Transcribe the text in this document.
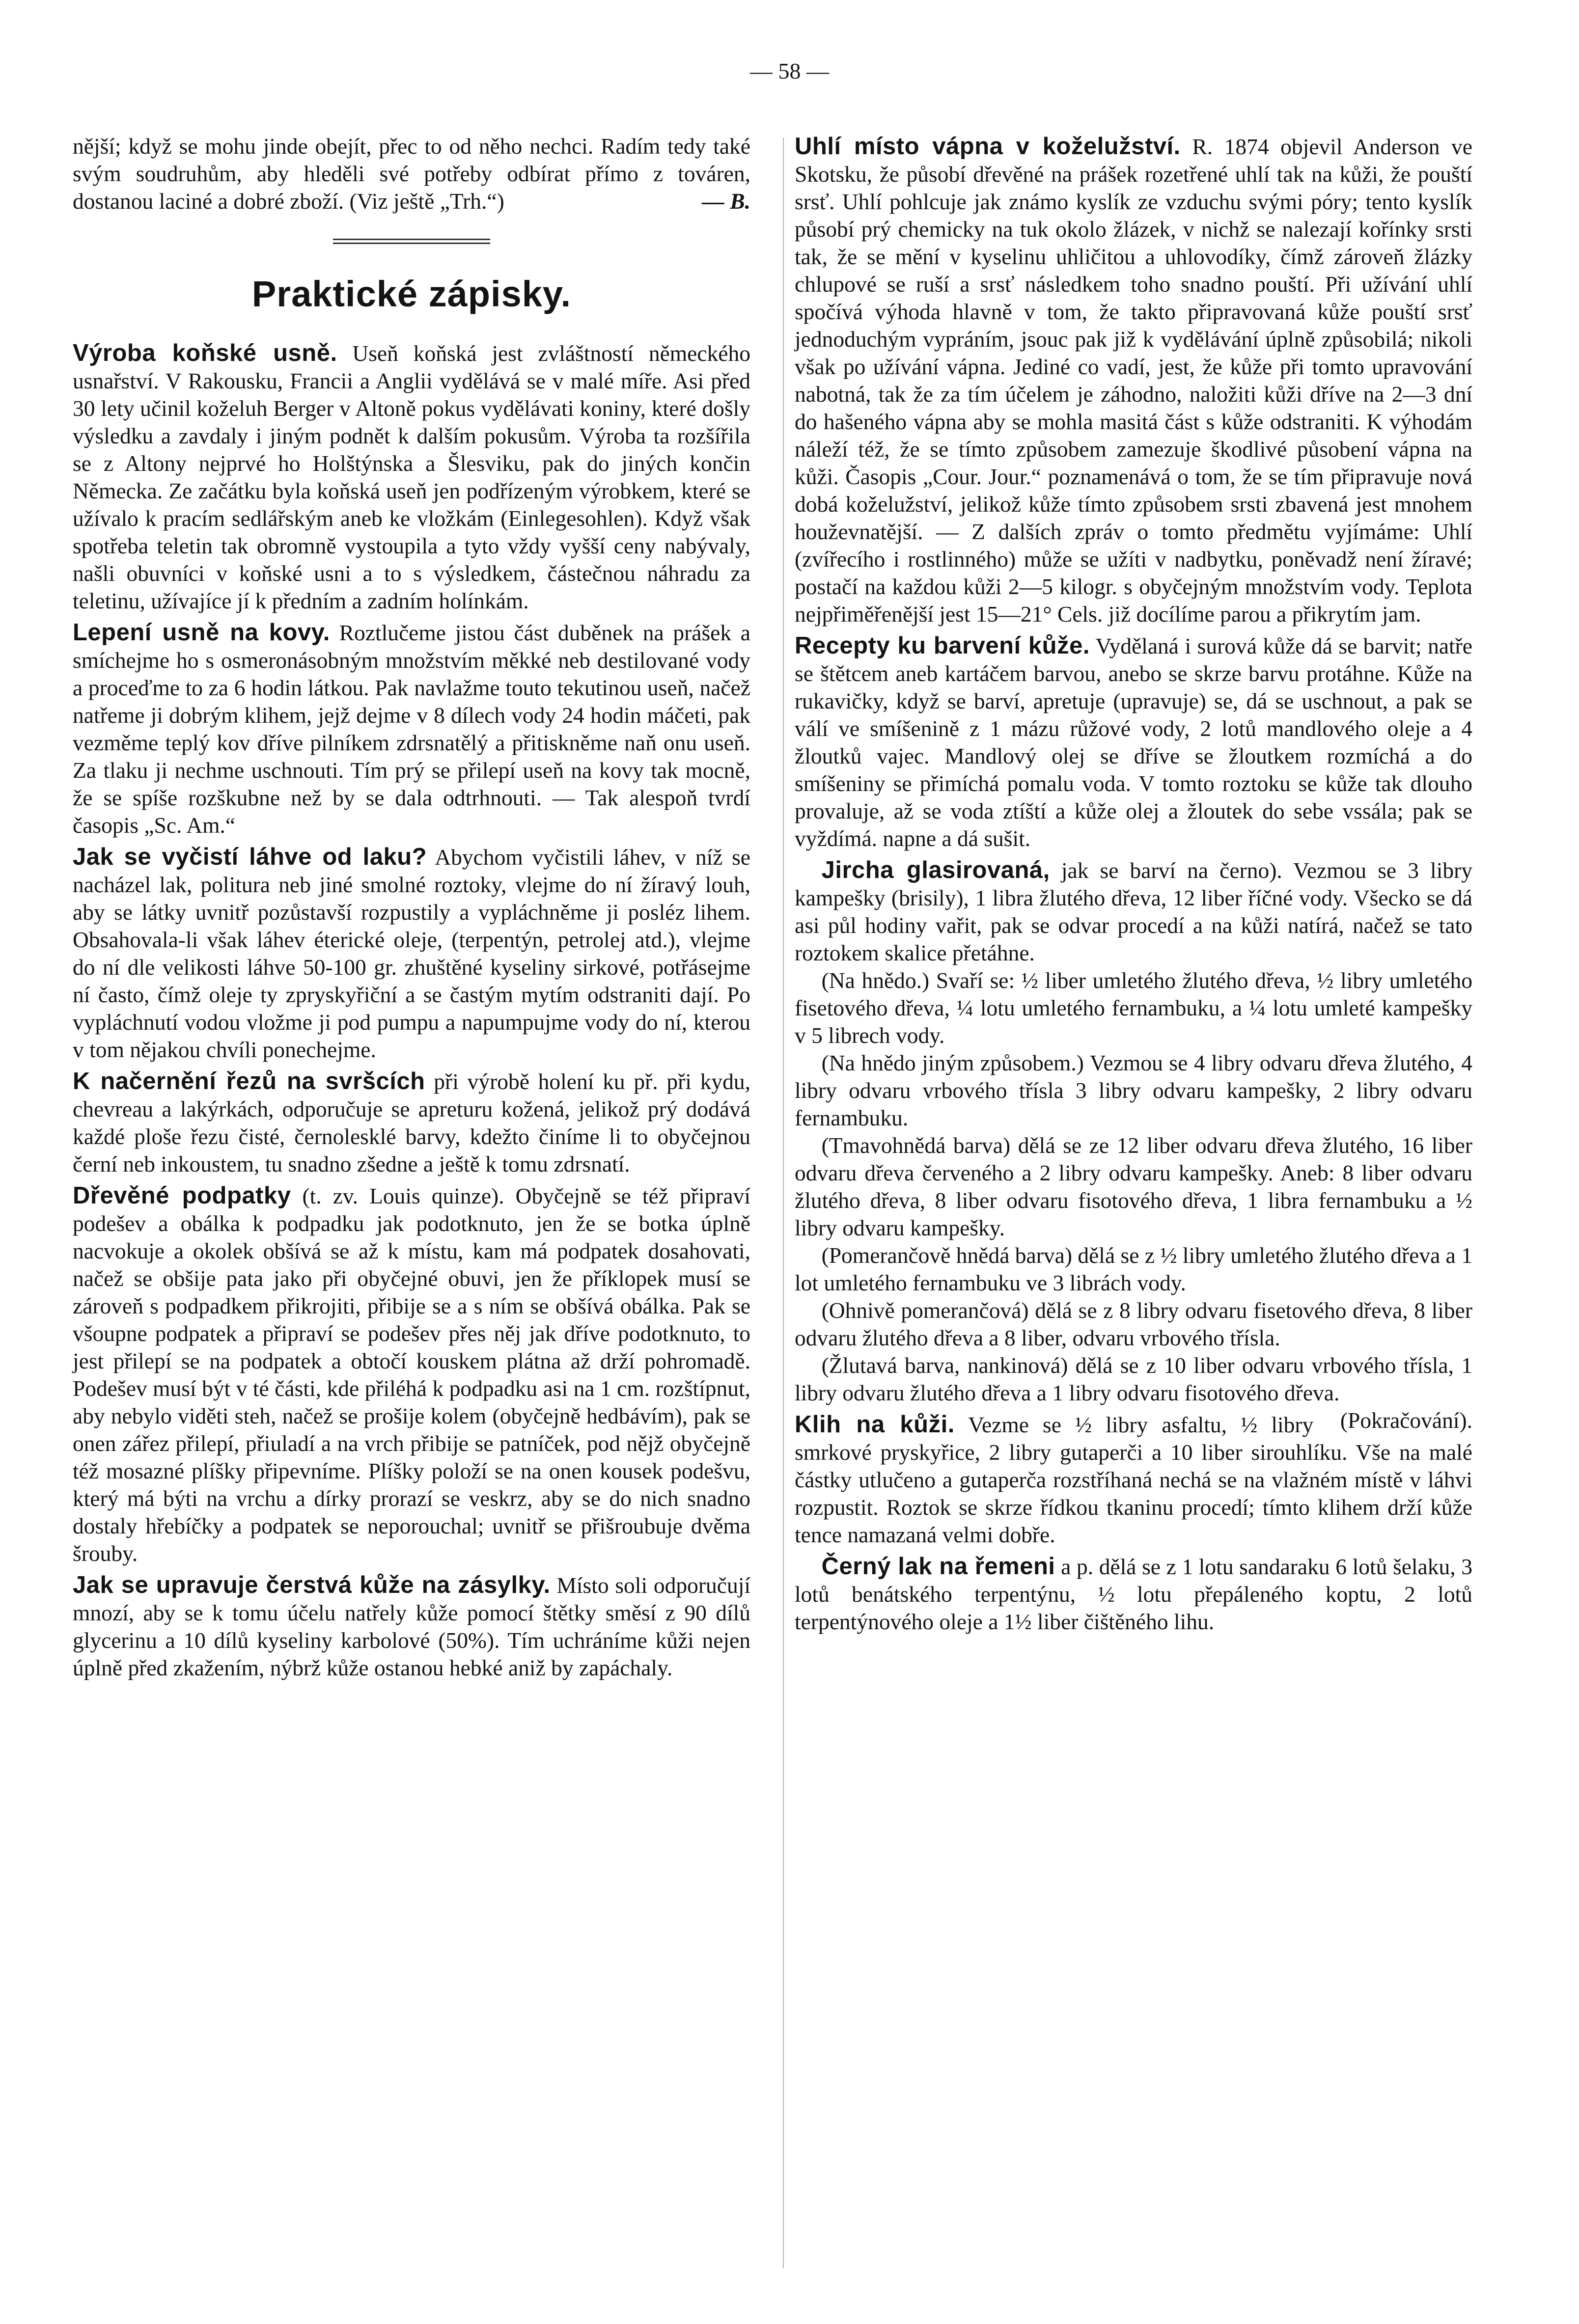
— 58 —

nější; když se mohu jinde obejít, přec to od něho nechci. Radím tedy také svým soudruhům, aby hleděli své potřeby odbírat přímo z továren, dostanou laciné a dobré zboží. (Viz ještě „Trh.“)	— B.

Praktické zápisky.

Výroba koňské usně. Useň koňská jest zvláštností německého usnařství. V Rakousku, Francii a Anglii vydělává se v malé míře. Asi před 30 lety učinil koželuh Berger v Altoně pokus vydělávati koniny, které došly výsledku a zavdaly i jiným podnět k dalším pokusům. Výroba ta rozšířila se z Altony nejprvé ho Holštýnska a Šlesviku, pak do jiných končin Německa. Ze začátku byla koňská useň jen podřízeným výrobkem, které se užívalo k pracím sedlářským aneb ke vložkám (Einlegesohlen). Když však spotřeba teletin tak obromně vystoupila a tyto vždy vyšší ceny nabývaly, našli obuvníci v koňské usni a to s výsledkem, částečnou náhradu za teletinu, užívajíce jí k předním a zadním holínkám.

Lepení usně na kovy. Roztlučeme jistou část duběnek na prášek a smíchejme ho s osmeronásobným množstvím měkké neb destilované vody a proceďme to za 6 hodin látkou. Pak navlažme touto tekutinou useň, načež natřeme ji dobrým klihem, jejž dejme v 8 dílech vody 24 hodin máčeti, pak vezměme teplý kov dříve pilníkem zdrsnatělý a přitiskněme naň onu useň. Za tlaku ji nechme uschnouti. Tím prý se přilepí useň na kovy tak mocně, že se spíše rozškubne než by se dala odtrhnouti. — Tak alespoň tvrdí časopis „Sc. Am.“

Jak se vyčistí láhve od laku? Abychom vyčistili láhev, v níž se nacházel lak, politura neb jiné smolné roztoky, vlejme do ní žíravý louh, aby se látky uvnitř pozůstavší rozpustily a vypláchněme ji posléz lihem. Obsahovala-li však láhev éterické oleje, (terpentýn, petrolej atd.), vlejme do ní dle velikosti láhve 50-100 gr. zhuštěné kyseliny sirkové, potřásejme ní často, čímž oleje ty zpryskyřiční a se častým mytím odstraniti dají. Po vypláchnutí vodou vložme ji pod pumpu a napumpujme vody do ní, kterou v tom nějakou chvíli ponechejme.

K načernění řezů na svršcích při výrobě holení ku př. při kydu, chevreau a lakýrkách, odporučuje se apreturu kožená, jelikož prý dodává každé ploše řezu čisté, černolesklé barvy, kdežto činíme li to obyčejnou černí neb inkoustem, tu snadno zšedne a ještě k tomu zdrsnatí.

Dřevěné podpatky (t. zv. Louis quinze). Obyčejně se též připraví podešev a obálka k podpadku jak podotknuto, jen že se botka úplně nacvokuje a okolek obšívá se až k místu, kam má podpatek dosahovati, načež se obšije pata jako při obyčejné obuvi, jen že příklopek musí se zároveň s podpadkem přikrojiti, přibije se a s ním se obšívá obálka. Pak se všoupne podpatek a připraví se podešev přes něj jak dříve podotknuto, to jest přilepí se na podpatek a obtočí kouskem plátna až drží pohromadě. Podešev musí být v té části, kde přiléhá k podpadku asi na 1 cm. rozštípnut, aby nebylo viděti steh, načež se prošije kolem (obyčejně hedbávím), pak se onen zářez přilepí, přiuladí a na vrch přibije se patníček, pod nějž obyčejně též mosazné plíšky připevníme. Plíšky položí se na onen kousek podešvu, který má býti na vrchu a dírky prorazí se veskrz, aby se do nich snadno dostaly hřebíčky a podpatek se neporouchal; uvnitř se přišroubuje dvěma šrouby.

Jak se upravuje čerstvá kůže na zásylky. Místo soli odporučují mnozí, aby se k tomu účelu natřely kůže pomocí štětky směsí z 90 dílů glycerinu a 10 dílů kyseliny karbolové (50%). Tím uchráníme kůži nejen úplně před zkažením, nýbrž kůže ostanou hebké aniž by zapáchaly.

Uhlí místo vápna v koželužství. R. 1874 objevil Anderson ve Skotsku, že působí dřevěné na prášek rozetřené uhlí tak na kůži, že pouští srsť. Uhlí pohlcuje jak známo kyslík ze vzduchu svými póry; tento kyslík působí prý chemicky na tuk okolo žlázek, v nichž se nalezají kořínky srsti tak, že se mění v kyselinu uhličitou a uhlovodíky, čímž zároveň žlázky chlupové se ruší a srsť následkem toho snadno pouští. Při užívání uhlí spočívá výhoda hlavně v tom, že takto připravovaná kůže pouští srsť jednoduchým vypráním, jsouc pak již k vydělávání úplně způsobilá; nikoli však po užívání vápna. Jediné co vadí, jest, že kůže při tomto upravování nabotná, tak že za tím účelem je záhodno, naložiti kůži dříve na 2—3 dní do hašeného vápna aby se mohla masitá část s kůže odstraniti. K výhodám náleží též, že se tímto způsobem zamezuje škodlivé působení vápna na kůži. Časopis „Cour. Jour.“ poznamenává o tom, že se tím připravuje nová dobá koželužství, jelikož kůže tímto způsobem srsti zbavená jest mnohem houževnatější. — Z dalších zpráv o tomto předmětu vyjímáme: Uhlí (zvířecího i rostlinného) může se užíti v nadbytku, poněvadž není žíravé; postačí na každou kůži 2—5 kilogr. s obyčejným množstvím vody. Teplota nejpřiměřenější jest 15—21° Cels. již docílíme parou a přikrytím jam.

Recepty ku barvení kůže. Vydělaná i surová kůže dá se barvit; natře se štětcem aneb kartáčem barvou, anebo se skrze barvu protáhne. Kůže na rukavičky, když se barví, apretuje (upravuje) se, dá se uschnout, a pak se válí ve smíšenině z 1 mázu růžové vody, 2 lotů mandlového oleje a 4 žloutků vajec. Mandlový olej se dříve se žloutkem rozmíchá a do smíšeniny se přimíchá pomalu voda. V tomto roztoku se kůže tak dlouho provaluje, až se voda ztíští a kůže olej a žloutek do sebe vssála; pak se vyždímá. napne a dá sušit.

Jircha glasirovaná, jak se barví na černo). Vezmou se 3 libry kampešky (brisily), 1 libra žlutého dřeva, 12 liber říčné vody. Všecko se dá asi půl hodiny vařit, pak se odvar procedí a na kůži natírá, načež se tato roztokem skalice přetáhne.

(Na hnědo.) Svaří se: ½ liber umletého žlutého dřeva, ½ libry umletého fisetového dřeva, ¼ lotu umletého fernambuku, a ¼ lotu umleté kampešky v 5 librech vody.

(Na hnědo jiným způsobem.) Vezmou se 4 libry odvaru dřeva žlutého, 4 libry odvaru vrbového třísla 3 libry odvaru kampešky, 2 libry odvaru fernambuku.

(Tmavohnědá barva) dělá se ze 12 liber odvaru dřeva žlutého, 16 liber odvaru dřeva červeného a 2 libry odvaru kampešky. Aneb: 8 liber odvaru žlutého dřeva, 8 liber odvaru fisotového dřeva, 1 libra fernambuku a ½ libry odvaru kampešky.

(Pomerančově hnědá barva) dělá se z ½ libry umletého žlutého dřeva a 1 lot umletého fernambuku ve 3 librách vody.

(Ohnivě pomerančová) dělá se z 8 libry odvaru fisetového dřeva, 8 liber odvaru žlutého dřeva a 8 liber, odvaru vrbového třísla.

(Žlutavá barva, nankinová) dělá se z 10 liber odvaru vrbového třísla, 1 libry odvaru žlutého dřeva a 1 libry odvaru fisotového dřeva.
(Pokračování).

Klih na kůži. Vezme se ½ libry asfaltu, ½ libry smrkové pryskyřice, 2 libry gutaperči a 10 liber sirouhlíku. Vše na malé částky utlučeno a gutaperča rozstříhaná nechá se na vlažném místě v láhvi rozpustit. Roztok se skrze řídkou tkaninu procedí; tímto klihem drží kůže tence namazaná velmi dobře.

Černý lak na řemeni a p. dělá se z 1 lotu sandaraku 6 lotů šelaku, 3 lotů benátského terpentýnu, ½ lotu přepáleného koptu, 2 lotů terpentýnového oleje a 1½ liber čištěného lihu.
